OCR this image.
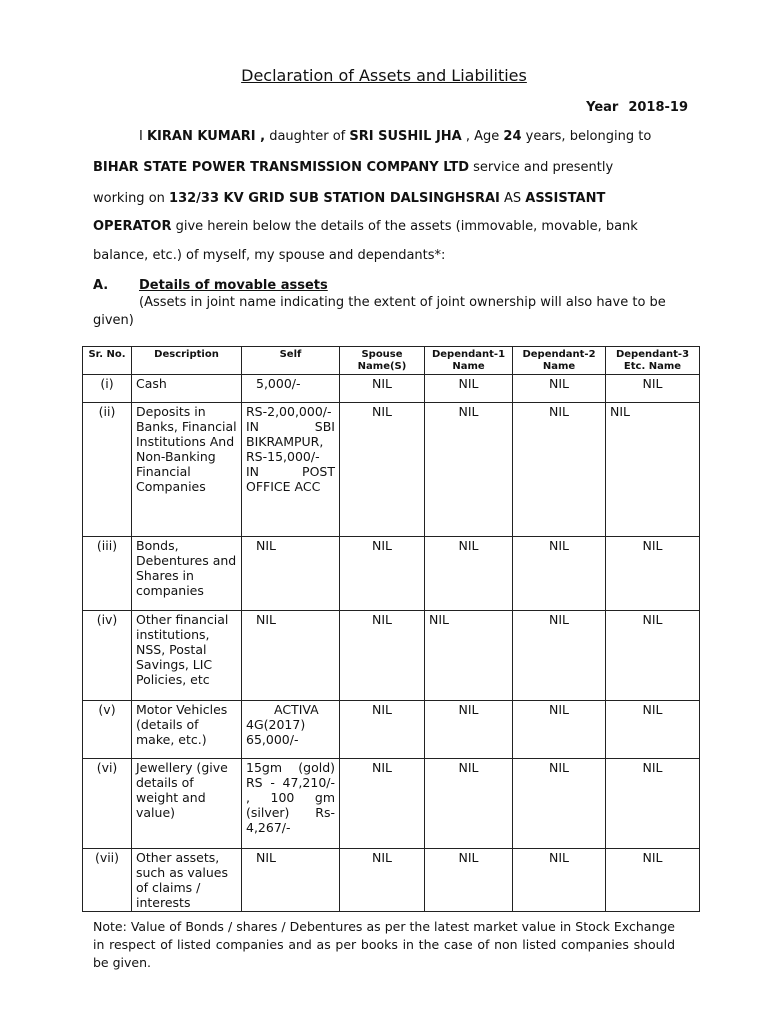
Declaration of Assets and Liabilities
Year 2018-19
I KIRAN KUMARI , daughter of SRI SUSHIL JHA , Age 24 years, belonging to
BIHAR STATE POWER TRANSMISSION COMPANY LTD service and presently
working on 132/33 KV GRID SUB STATION DALSINGHSRAI AS ASSISTANT
OPERATOR give herein below the details of the assets (immovable, movable, bank
balance, etc.) of myself, my spouse and dependants*:
A. Details of movable assets
(Assets in joint name indicating the extent of joint ownership will also have to be given)
Sr. No.	Description	Self	Spouse Name(S)	Dependant-1 Name	Dependant-2 Name	Dependant-3 Etc. Name
(i)	Cash	5,000/-	NIL	NIL	NIL	NIL
(ii)	Deposits in Banks, Financial Institutions And Non-Banking Financial Companies	RS-2,00,000/- IN SBI BIKRAMPUR, RS-15,000/- IN POST OFFICE ACC	NIL	NIL	NIL	NIL
(iii)	Bonds, Debentures and Shares in companies	NIL	NIL	NIL	NIL	NIL
(iv)	Other financial institutions, NSS, Postal Savings, LIC Policies, etc	NIL	NIL	NIL	NIL	NIL
(v)	Motor Vehicles (details of make, etc.)	ACTIVA 4G(2017) 65,000/-	NIL	NIL	NIL	NIL
(vi)	Jewellery (give details of weight and value)	15gm (gold) RS - 47,210/- , 100 gm (silver) Rs-4,267/-	NIL	NIL	NIL	NIL
(vii)	Other assets, such as values of claims / interests	NIL	NIL	NIL	NIL	NIL
Note: Value of Bonds / shares / Debentures as per the latest market value in Stock Exchange in respect of listed companies and as per books in the case of non listed companies should be given.
